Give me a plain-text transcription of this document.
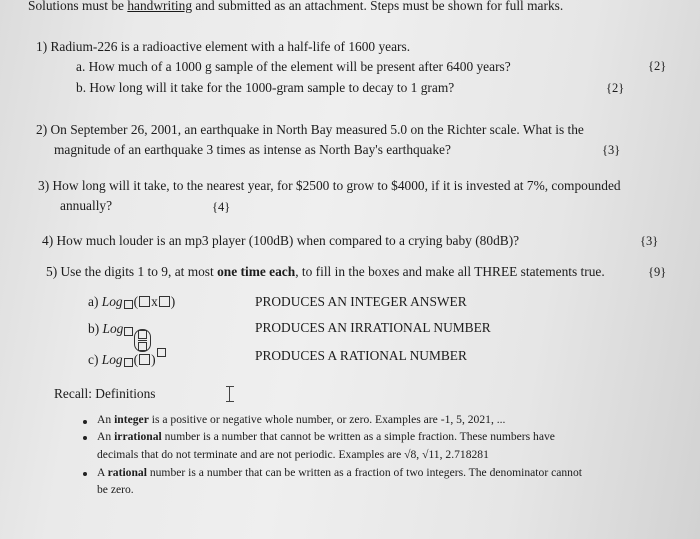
Solutions must be handwriting and submitted as an attachment. Steps must be shown for full marks.
1) Radium-226 is a radioactive element with a half-life of 1600 years.
a. How much of a 1000 g sample of the element will be present after 6400 years?	{2}
b. How long will it take for the 1000-gram sample to decay to 1 gram?	{2}
2) On September 26, 2001, an earthquake in North Bay measured 5.0 on the Richter scale. What is the
magnitude of an earthquake 3 times as intense as North Bay's earthquake?	{3}
3) How long will it take, to the nearest year, for $2500 to grow to $4000, if it is invested at 7%, compounded
annually?	{4}
4) How much louder is an mp3 player (100dB) when compared to a crying baby (80dB)?	{3}
5) Use the digits 1 to 9, at most one time each, to fill in the boxes and make all THREE statements true.	{9}
a) Log ( x )	PRODUCES AN INTEGER ANSWER
b) Log	PRODUCES AN IRRATIONAL NUMBER
c) Log ( )	PRODUCES A RATIONAL NUMBER
Recall: Definitions
An integer is a positive or negative whole number, or zero. Examples are -1, 5, 2021, ...
An irrational number is a number that cannot be written as a simple fraction. These numbers have
decimals that do not terminate and are not periodic. Examples are √8, √11, 2.718281
A rational number is a number that can be written as a fraction of two integers. The denominator cannot
be zero.
